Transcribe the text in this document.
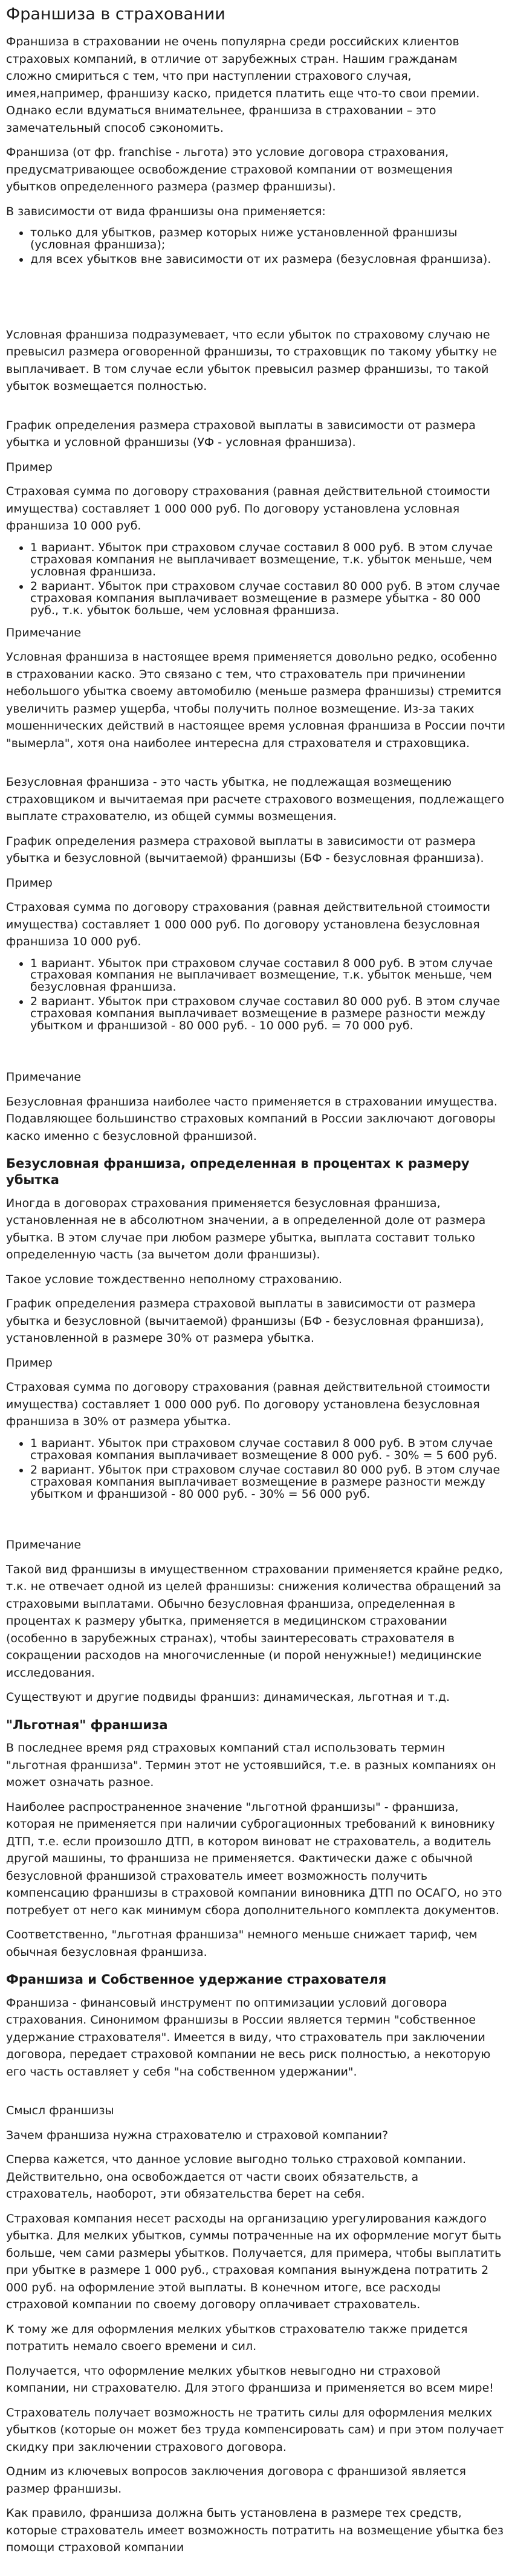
Франшиза в страховании

Франшиза в страховании не очень популярна среди российских клиентов страховых компаний, в отличие от зарубежных стран. Нашим гражданам сложно смириться с тем, что при наступлении страхового случая, имея,например, франшизу каско, придется платить еще что-то свои премии. Однако если вдуматься внимательнее, франшиза в страховании – это замечательный способ сэкономить.

Франшиза (от фр. franchise - льгота) это условие договора страхования, предусматривающее освобождение страховой компании от возмещения убытков определенного размера (размер франшизы).

В зависимости от вида франшизы она применяется:

• только для убытков, размер которых ниже установленной франшизы (условная франшиза);
• для всех убытков вне зависимости от их размера (безусловная франшиза).

Условная франшиза подразумевает, что если убыток по страховому случаю не превысил размера оговоренной франшизы, то страховщик по такому убытку не выплачивает. В том случае если убыток превысил размер франшизы, то такой убыток возмещается полностью.

График определения размера страховой выплаты в зависимости от размера убытка и условной франшизы (УФ - условная франшиза).

Пример

Страховая сумма по договору страхования (равная действительной стоимости имущества) составляет 1 000 000 руб. По договору установлена условная франшиза 10 000 руб.

• 1 вариант. Убыток при страховом случае составил 8 000 руб. В этом случае страховая компания не выплачивает возмещение, т.к. убыток меньше, чем условная франшиза.
• 2 вариант. Убыток при страховом случае составил 80 000 руб. В этом случае страховая компания выплачивает возмещение в размере убытка - 80 000 руб., т.к. убыток больше, чем условная франшиза.

Примечание

Условная франшиза в настоящее время применяется довольно редко, особенно в страховании каско. Это связано с тем, что страхователь при причинении небольшого убытка своему автомобилю (меньше размера франшизы) стремится увеличить размер ущерба, чтобы получить полное возмещение. Из-за таких мошеннических действий в настоящее время условная франшиза в России почти "вымерла", хотя она наиболее интересна для страхователя и страховщика.

Безусловная франшиза - это часть убытка, не подлежащая возмещению страховщиком и вычитаемая при расчете страхового возмещения, подлежащего выплате страхователю, из общей суммы возмещения.

График определения размера страховой выплаты в зависимости от размера убытка и безусловной (вычитаемой) франшизы (БФ - безусловная франшиза).

Пример

Страховая сумма по договору страхования (равная действительной стоимости имущества) составляет 1 000 000 руб. По договору установлена безусловная франшиза 10 000 руб.

• 1 вариант. Убыток при страховом случае составил 8 000 руб. В этом случае страховая компания не выплачивает возмещение, т.к. убыток меньше, чем безусловная франшиза.
• 2 вариант. Убыток при страховом случае составил 80 000 руб. В этом случае страховая компания выплачивает возмещение в размере разности между убытком и франшизой - 80 000 руб. - 10 000 руб. = 70 000 руб.

Примечание

Безусловная франшиза наиболее часто применяется в страховании имущества. Подавляющее большинство страховых компаний в России заключают договоры каско именно с безусловной франшизой.

Безусловная франшиза, определенная в процентах к размеру убытка

Иногда в договорах страхования применяется безусловная франшиза, установленная не в абсолютном значении, а в определенной доле от размера убытка. В этом случае при любом размере убытка, выплата составит только определенную часть (за вычетом доли франшизы).

Такое условие тождественно неполному страхованию.

График определения размера страховой выплаты в зависимости от размера убытка и безусловной (вычитаемой) франшизы (БФ - безусловная франшиза), установленной в размере 30% от размера убытка.

Пример

Страховая сумма по договору страхования (равная действительной стоимости имущества) составляет 1 000 000 руб. По договору установлена безусловная франшиза в 30% от размера убытка.

• 1 вариант. Убыток при страховом случае составил 8 000 руб. В этом случае страховая компания выплачивает возмещение 8 000 руб. - 30% = 5 600 руб.
• 2 вариант. Убыток при страховом случае составил 80 000 руб. В этом случае страховая компания выплачивает возмещение в размере разности между убытком и франшизой - 80 000 руб. - 30% = 56 000 руб.

Примечание

Такой вид франшизы в имущественном страховании применяется крайне редко, т.к. не отвечает одной из целей франшизы: снижения количества обращений за страховыми выплатами. Обычно безусловная франшиза, определенная в процентах к размеру убытка, применяется в медицинском страховании (особенно в зарубежных странах), чтобы заинтересовать страхователя в сокращении расходов на многочисленные (и порой ненужные!) медицинские исследования.

Существуют и другие подвиды франшиз: динамическая, льготная и т.д.

"Льготная" франшиза

В последнее время ряд страховых компаний стал использовать термин "льготная франшиза". Термин этот не устоявшийся, т.е. в разных компаниях он может означать разное.

Наиболее распространенное значение "льготной франшизы" - франшиза, которая не применяется при наличии суброгационных требований к виновнику ДТП, т.е. если произошло ДТП, в котором виноват не страхователь, а водитель другой машины, то франшиза не применяется. Фактически даже с обычной безусловной франшизой страхователь имеет возможность получить компенсацию франшизы в страховой компании виновника ДТП по ОСАГО, но это потребует от него как минимум сбора дополнительного комплекта документов.

Соответственно, "льготная франшиза" немного меньше снижает тариф, чем обычная безусловная франшиза.

Франшиза и Собственное удержание страхователя

Франшиза - финансовый инструмент по оптимизации условий договора страхования. Синонимом франшизы в России является термин "собственное удержание страхователя". Имеется в виду, что страхователь при заключении договора, передает страховой компании не весь риск полностью, а некоторую его часть оставляет у себя "на собственном удержании".

Смысл франшизы

Зачем франшиза нужна страхователю и страховой компании?

Сперва кажется, что данное условие выгодно только страховой компании. Действительно, она освобождается от части своих обязательств, а страхователь, наоборот, эти обязательства берет на себя.

Страховая компания несет расходы на организацию урегулирования каждого убытка. Для мелких убытков, суммы потраченные на их оформление могут быть больше, чем сами размеры убытков. Получается, для примера, чтобы выплатить при убытке в размере 1 000 руб., страховая компания вынуждена потратить 2 000 руб. на оформление этой выплаты. В конечном итоге, все расходы страховой компании по своему договору оплачивает страхователь.

К тому же для оформления мелких убытков страхователю также придется потратить немало своего времени и сил.

Получается, что оформление мелких убытков невыгодно ни страховой компании, ни страхователю. Для этого франшиза и применяется во всем мире!

Страхователь получает возможность не тратить силы для оформления мелких убытков (которые он может без труда компенсировать сам) и при этом получает скидку при заключении страхового договора.

Одним из ключевых вопросов заключения договора с франшизой является размер франшизы.

Как правило, франшиза должна быть установлена в размере тех средств, которые страхователь имеет возможность потратить на возмещение убытка без помощи страховой компании
